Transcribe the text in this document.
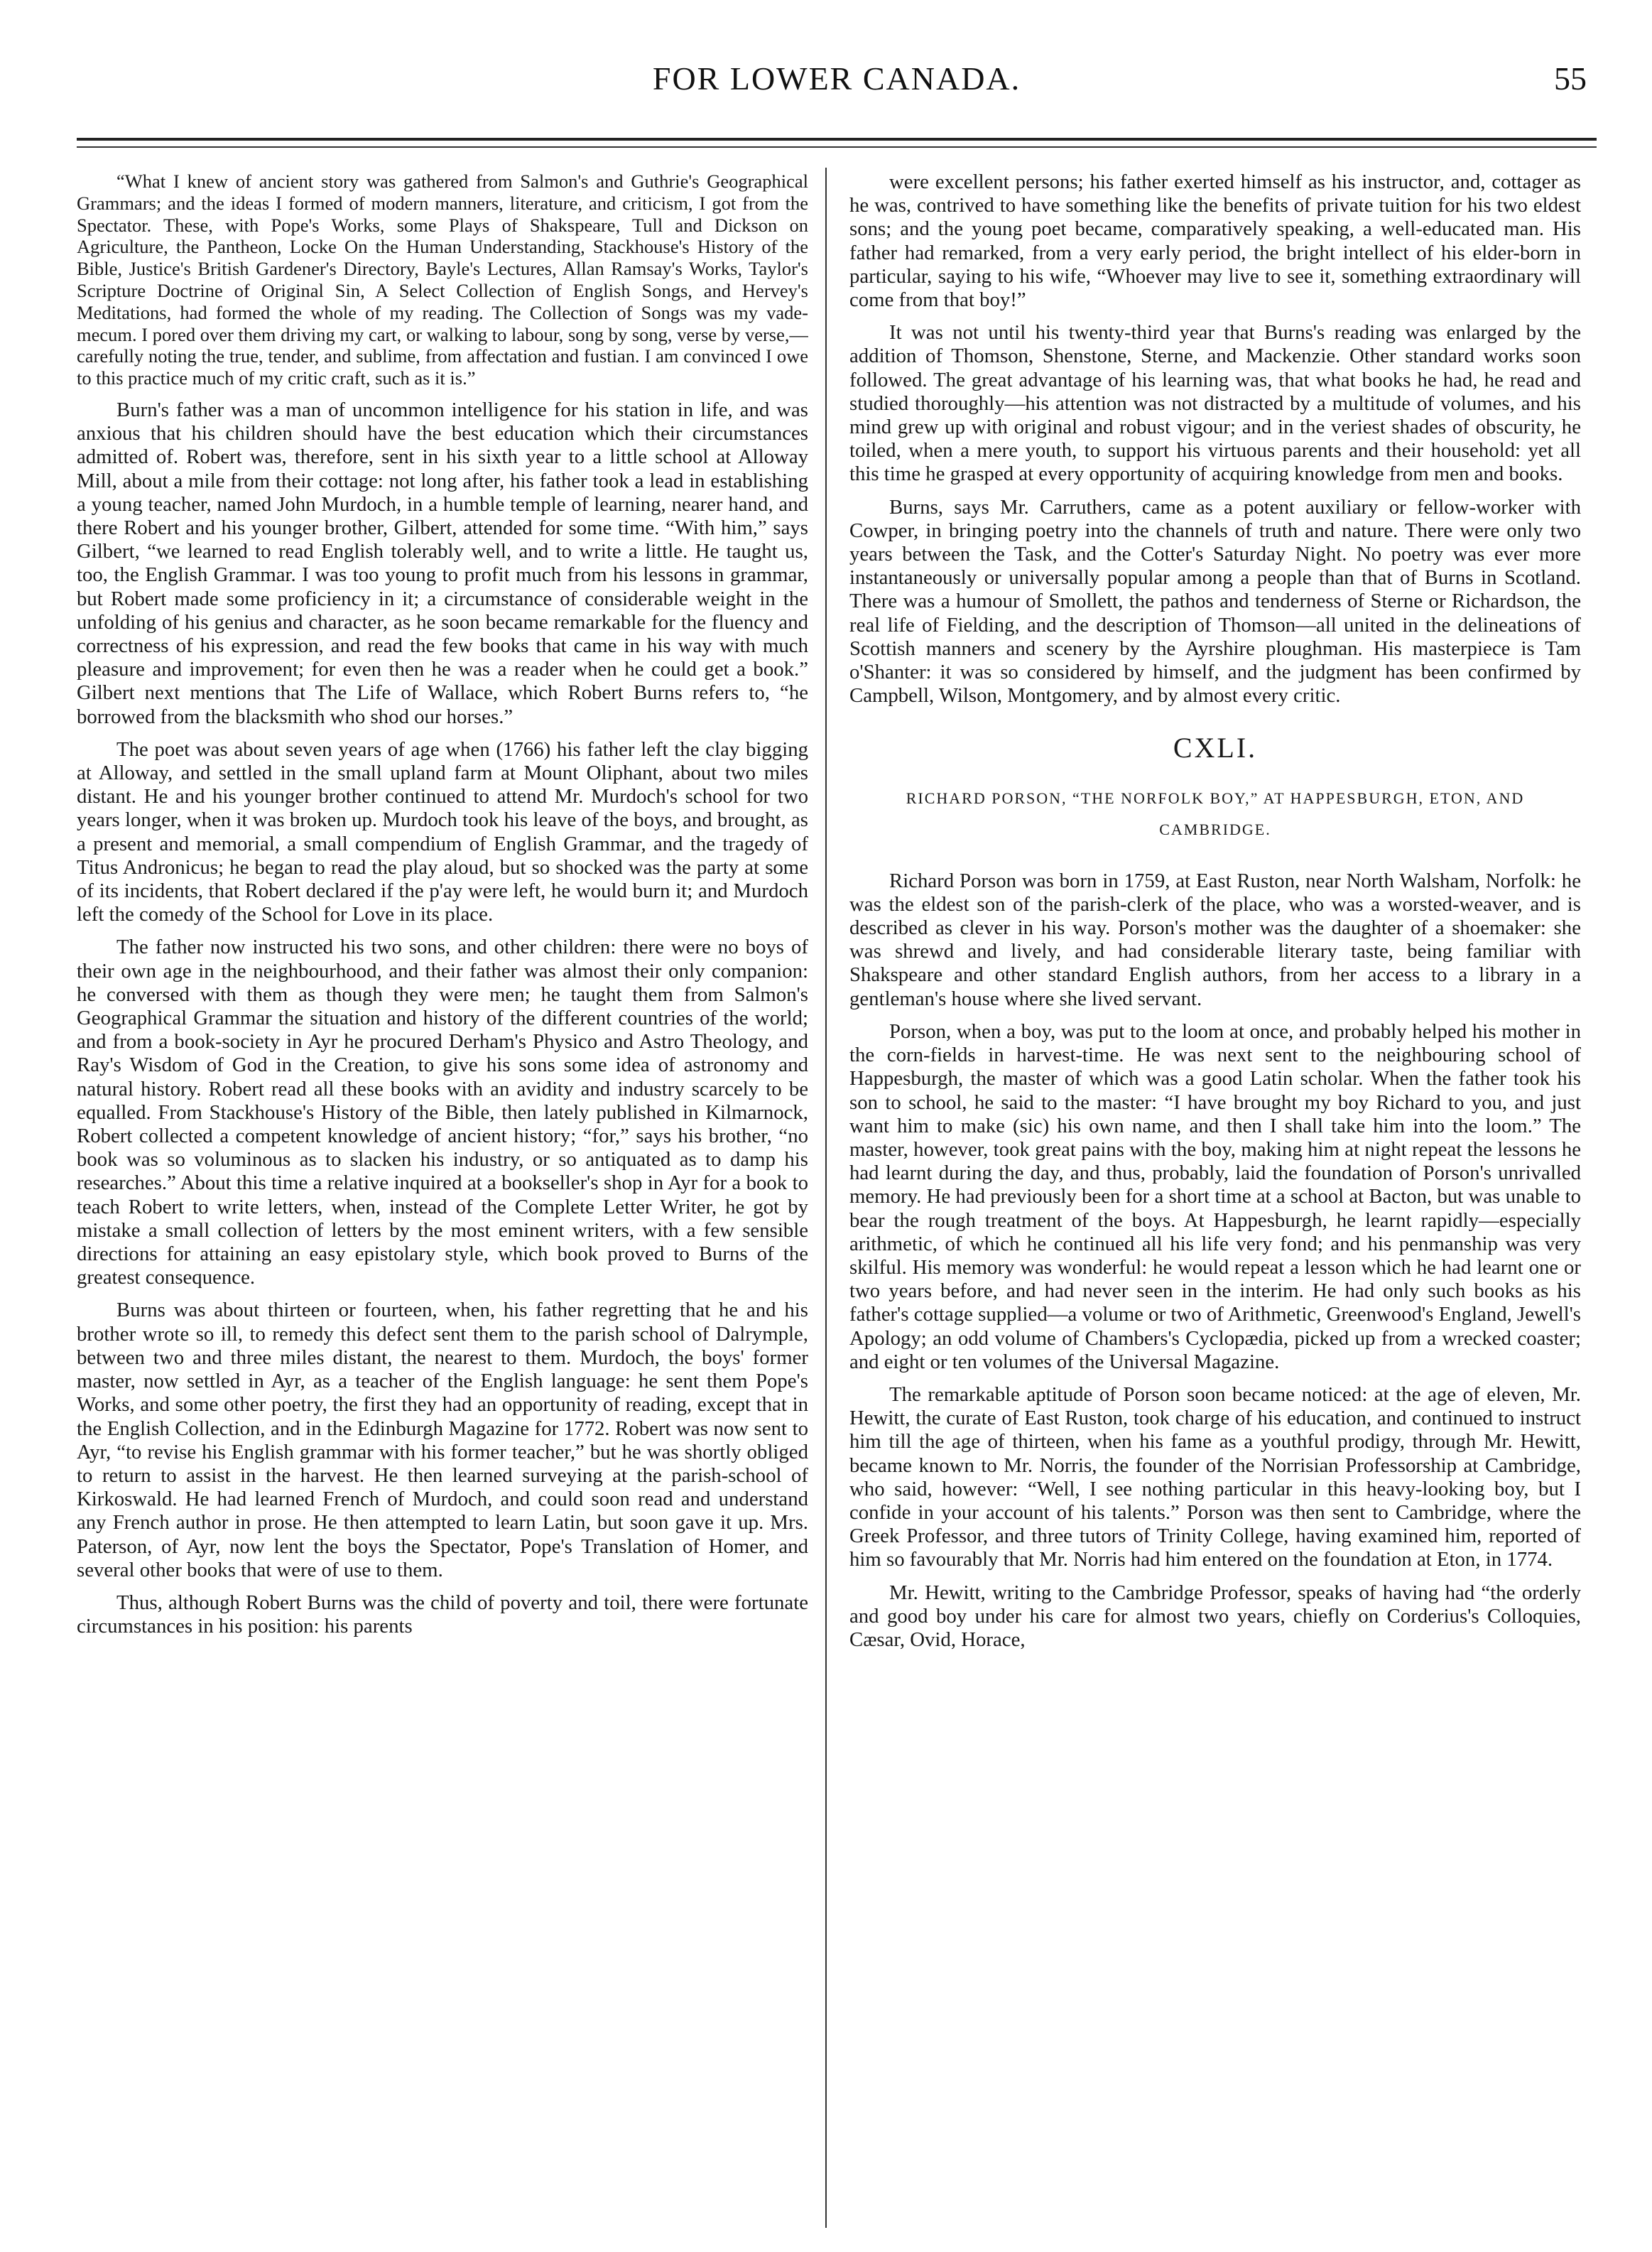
FOR LOWER CANADA.	55

“What I knew of ancient story was gathered from Salmon's and Guthrie's Geographical Grammars; and the ideas I formed of modern manners, literature, and criticism, I got from the Spectator. These, with Pope's Works, some Plays of Shakspeare, Tull and Dickson on Agriculture, the Pantheon, Locke On the Human Understanding, Stackhouse's History of the Bible, Justice's British Gardener's Directory, Bayle's Lectures, Allan Ramsay's Works, Taylor's Scripture Doctrine of Original Sin, A Select Collection of English Songs, and Hervey's Meditations, had formed the whole of my reading. The Collection of Songs was my vade-mecum. I pored over them driving my cart, or walking to labour, song by song, verse by verse,—carefully noting the true, tender, and sublime, from affectation and fustian. I am convinced I owe to this practice much of my critic craft, such as it is.”

Burn's father was a man of uncommon intelligence for his station in life, and was anxious that his children should have the best education which their circumstances admitted of. Robert was, therefore, sent in his sixth year to a little school at Alloway Mill, about a mile from their cottage: not long after, his father took a lead in establishing a young teacher, named John Murdoch, in a humble temple of learning, nearer hand, and there Robert and his younger brother, Gilbert, attended for some time. “With him,” says Gilbert, “we learned to read English tolerably well, and to write a little. He taught us, too, the English Grammar. I was too young to profit much from his lessons in grammar, but Robert made some proficiency in it; a circumstance of considerable weight in the unfolding of his genius and character, as he soon became remarkable for the fluency and correctness of his expression, and read the few books that came in his way with much pleasure and improvement; for even then he was a reader when he could get a book.” Gilbert next mentions that The Life of Wallace, which Robert Burns refers to, “he borrowed from the blacksmith who shod our horses.”

The poet was about seven years of age when (1766) his father left the clay bigging at Alloway, and settled in the small upland farm at Mount Oliphant, about two miles distant. He and his younger brother continued to attend Mr. Murdoch's school for two years longer, when it was broken up. Murdoch took his leave of the boys, and brought, as a present and memorial, a small compendium of English Grammar, and the tragedy of Titus Andronicus; he began to read the play aloud, but so shocked was the party at some of its incidents, that Robert declared if the p'ay were left, he would burn it; and Murdoch left the comedy of the School for Love in its place.

The father now instructed his two sons, and other children: there were no boys of their own age in the neighbourhood, and their father was almost their only companion: he conversed with them as though they were men; he taught them from Salmon's Geographical Grammar the situation and history of the different countries of the world; and from a book-society in Ayr he procured Derham's Physico and Astro Theology, and Ray's Wisdom of God in the Creation, to give his sons some idea of astronomy and natural history. Robert read all these books with an avidity and industry scarcely to be equalled. From Stackhouse's History of the Bible, then lately published in Kilmarnock, Robert collected a competent knowledge of ancient history; “for,” says his brother, “no book was so voluminous as to slacken his industry, or so antiquated as to damp his researches.” About this time a relative inquired at a bookseller's shop in Ayr for a book to teach Robert to write letters, when, instead of the Complete Letter Writer, he got by mistake a small collection of letters by the most eminent writers, with a few sensible directions for attaining an easy epistolary style, which book proved to Burns of the greatest consequence.

Burns was about thirteen or fourteen, when, his father regretting that he and his brother wrote so ill, to remedy this defect sent them to the parish school of Dalrymple, between two and three miles distant, the nearest to them. Murdoch, the boys' former master, now settled in Ayr, as a teacher of the English language: he sent them Pope's Works, and some other poetry, the first they had an opportunity of reading, except that in the English Collection, and in the Edinburgh Magazine for 1772. Robert was now sent to Ayr, “to revise his English grammar with his former teacher,” but he was shortly obliged to return to assist in the harvest. He then learned surveying at the parish-school of Kirkoswald. He had learned French of Murdoch, and could soon read and understand any French author in prose. He then attempted to learn Latin, but soon gave it up. Mrs. Paterson, of Ayr, now lent the boys the Spectator, Pope's Translation of Homer, and several other books that were of use to them.

Thus, although Robert Burns was the child of poverty and toil, there were fortunate circumstances in his position: his parents

were excellent persons; his father exerted himself as his instructor, and, cottager as he was, contrived to have something like the benefits of private tuition for his two eldest sons; and the young poet became, comparatively speaking, a well-educated man. His father had remarked, from a very early period, the bright intellect of his elder-born in particular, saying to his wife, “Whoever may live to see it, something extraordinary will come from that boy!”

It was not until his twenty-third year that Burns's reading was enlarged by the addition of Thomson, Shenstone, Sterne, and Mackenzie. Other standard works soon followed. The great advantage of his learning was, that what books he had, he read and studied thoroughly—his attention was not distracted by a multitude of volumes, and his mind grew up with original and robust vigour; and in the veriest shades of obscurity, he toiled, when a mere youth, to support his virtuous parents and their household: yet all this time he grasped at every opportunity of acquiring knowledge from men and books.

Burns, says Mr. Carruthers, came as a potent auxiliary or fellow-worker with Cowper, in bringing poetry into the channels of truth and nature. There were only two years between the Task, and the Cotter's Saturday Night. No poetry was ever more instantaneously or universally popular among a people than that of Burns in Scotland. There was a humour of Smollett, the pathos and tenderness of Sterne or Richardson, the real life of Fielding, and the description of Thomson—all united in the delineations of Scottish manners and scenery by the Ayrshire ploughman. His masterpiece is Tam o'Shanter: it was so considered by himself, and the judgment has been confirmed by Campbell, Wilson, Montgomery, and by almost every critic.

CXLI.
RICHARD PORSON, “THE NORFOLK BOY,” AT HAPPESBURGH, ETON, AND CAMBRIDGE.

Richard Porson was born in 1759, at East Ruston, near North Walsham, Norfolk: he was the eldest son of the parish-clerk of the place, who was a worsted-weaver, and is described as clever in his way. Porson's mother was the daughter of a shoemaker: she was shrewd and lively, and had considerable literary taste, being familiar with Shakspeare and other standard English authors, from her access to a library in a gentleman's house where she lived servant.

Porson, when a boy, was put to the loom at once, and probably helped his mother in the corn-fields in harvest-time. He was next sent to the neighbouring school of Happesburgh, the master of which was a good Latin scholar. When the father took his son to school, he said to the master: “I have brought my boy Richard to you, and just want him to make (sic) his own name, and then I shall take him into the loom.” The master, however, took great pains with the boy, making him at night repeat the lessons he had learnt during the day, and thus, probably, laid the foundation of Porson's unrivalled memory. He had previously been for a short time at a school at Bacton, but was unable to bear the rough treatment of the boys. At Happesburgh, he learnt rapidly—especially arithmetic, of which he continued all his life very fond; and his penmanship was very skilful. His memory was wonderful: he would repeat a lesson which he had learnt one or two years before, and had never seen in the interim. He had only such books as his father's cottage supplied—a volume or two of Arithmetic, Greenwood's England, Jewell's Apology; an odd volume of Chambers's Cyclopædia, picked up from a wrecked coaster; and eight or ten volumes of the Universal Magazine.

The remarkable aptitude of Porson soon became noticed: at the age of eleven, Mr. Hewitt, the curate of East Ruston, took charge of his education, and continued to instruct him till the age of thirteen, when his fame as a youthful prodigy, through Mr. Hewitt, became known to Mr. Norris, the founder of the Norrisian Professorship at Cambridge, who said, however: “Well, I see nothing particular in this heavy-looking boy, but I confide in your account of his talents.” Porson was then sent to Cambridge, where the Greek Professor, and three tutors of Trinity College, having examined him, reported of him so favourably that Mr. Norris had him entered on the foundation at Eton, in 1774.

Mr. Hewitt, writing to the Cambridge Professor, speaks of having had “the orderly and good boy under his care for almost two years, chiefly on Corderius's Colloquies, Cæsar, Ovid, Horace,
